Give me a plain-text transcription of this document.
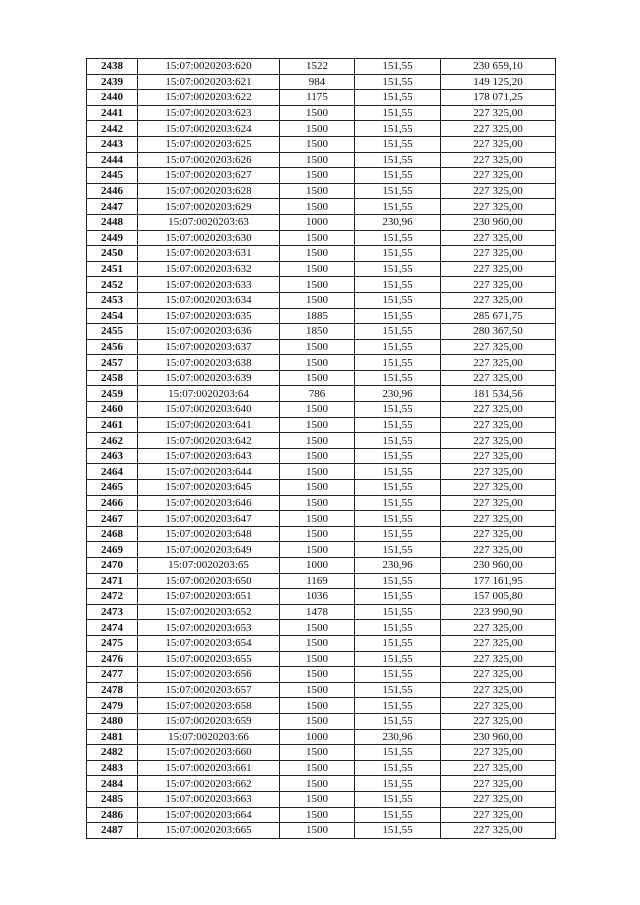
2438	15:07:0020203:620	1522	151,55	230 659,10
2439	15:07:0020203:621	984	151,55	149 125,20
2440	15:07:0020203:622	1175	151,55	178 071,25
2441	15:07:0020203:623	1500	151,55	227 325,00
2442	15:07:0020203:624	1500	151,55	227 325,00
2443	15:07:0020203:625	1500	151,55	227 325,00
2444	15:07:0020203:626	1500	151,55	227 325,00
2445	15:07:0020203:627	1500	151,55	227 325,00
2446	15:07:0020203:628	1500	151,55	227 325,00
2447	15:07:0020203:629	1500	151,55	227 325,00
2448	15:07:0020203:63	1000	230,96	230 960,00
2449	15:07:0020203:630	1500	151,55	227 325,00
2450	15:07:0020203:631	1500	151,55	227 325,00
2451	15:07:0020203:632	1500	151,55	227 325,00
2452	15:07:0020203:633	1500	151,55	227 325,00
2453	15:07:0020203:634	1500	151,55	227 325,00
2454	15:07:0020203:635	1885	151,55	285 671,75
2455	15:07:0020203:636	1850	151,55	280 367,50
2456	15:07:0020203:637	1500	151,55	227 325,00
2457	15:07:0020203:638	1500	151,55	227 325,00
2458	15:07:0020203:639	1500	151,55	227 325,00
2459	15:07:0020203:64	786	230,96	181 534,56
2460	15:07:0020203:640	1500	151,55	227 325,00
2461	15:07:0020203:641	1500	151,55	227 325,00
2462	15:07:0020203:642	1500	151,55	227 325,00
2463	15:07:0020203:643	1500	151,55	227 325,00
2464	15:07:0020203:644	1500	151,55	227 325,00
2465	15:07:0020203:645	1500	151,55	227 325,00
2466	15:07:0020203:646	1500	151,55	227 325,00
2467	15:07:0020203:647	1500	151,55	227 325,00
2468	15:07:0020203:648	1500	151,55	227 325,00
2469	15:07:0020203:649	1500	151,55	227 325,00
2470	15:07:0020203:65	1000	230,96	230 960,00
2471	15:07:0020203:650	1169	151,55	177 161,95
2472	15:07:0020203:651	1036	151,55	157 005,80
2473	15:07:0020203:652	1478	151,55	223 990,90
2474	15:07:0020203:653	1500	151,55	227 325,00
2475	15:07:0020203:654	1500	151,55	227 325,00
2476	15:07:0020203:655	1500	151,55	227 325,00
2477	15:07:0020203:656	1500	151,55	227 325,00
2478	15:07:0020203:657	1500	151,55	227 325,00
2479	15:07:0020203:658	1500	151,55	227 325,00
2480	15:07:0020203:659	1500	151,55	227 325,00
2481	15:07:0020203:66	1000	230,96	230 960,00
2482	15:07:0020203:660	1500	151,55	227 325,00
2483	15:07:0020203:661	1500	151,55	227 325,00
2484	15:07:0020203:662	1500	151,55	227 325,00
2485	15:07:0020203:663	1500	151,55	227 325,00
2486	15:07:0020203:664	1500	151,55	227 325,00
2487	15:07:0020203:665	1500	151,55	227 325,00
